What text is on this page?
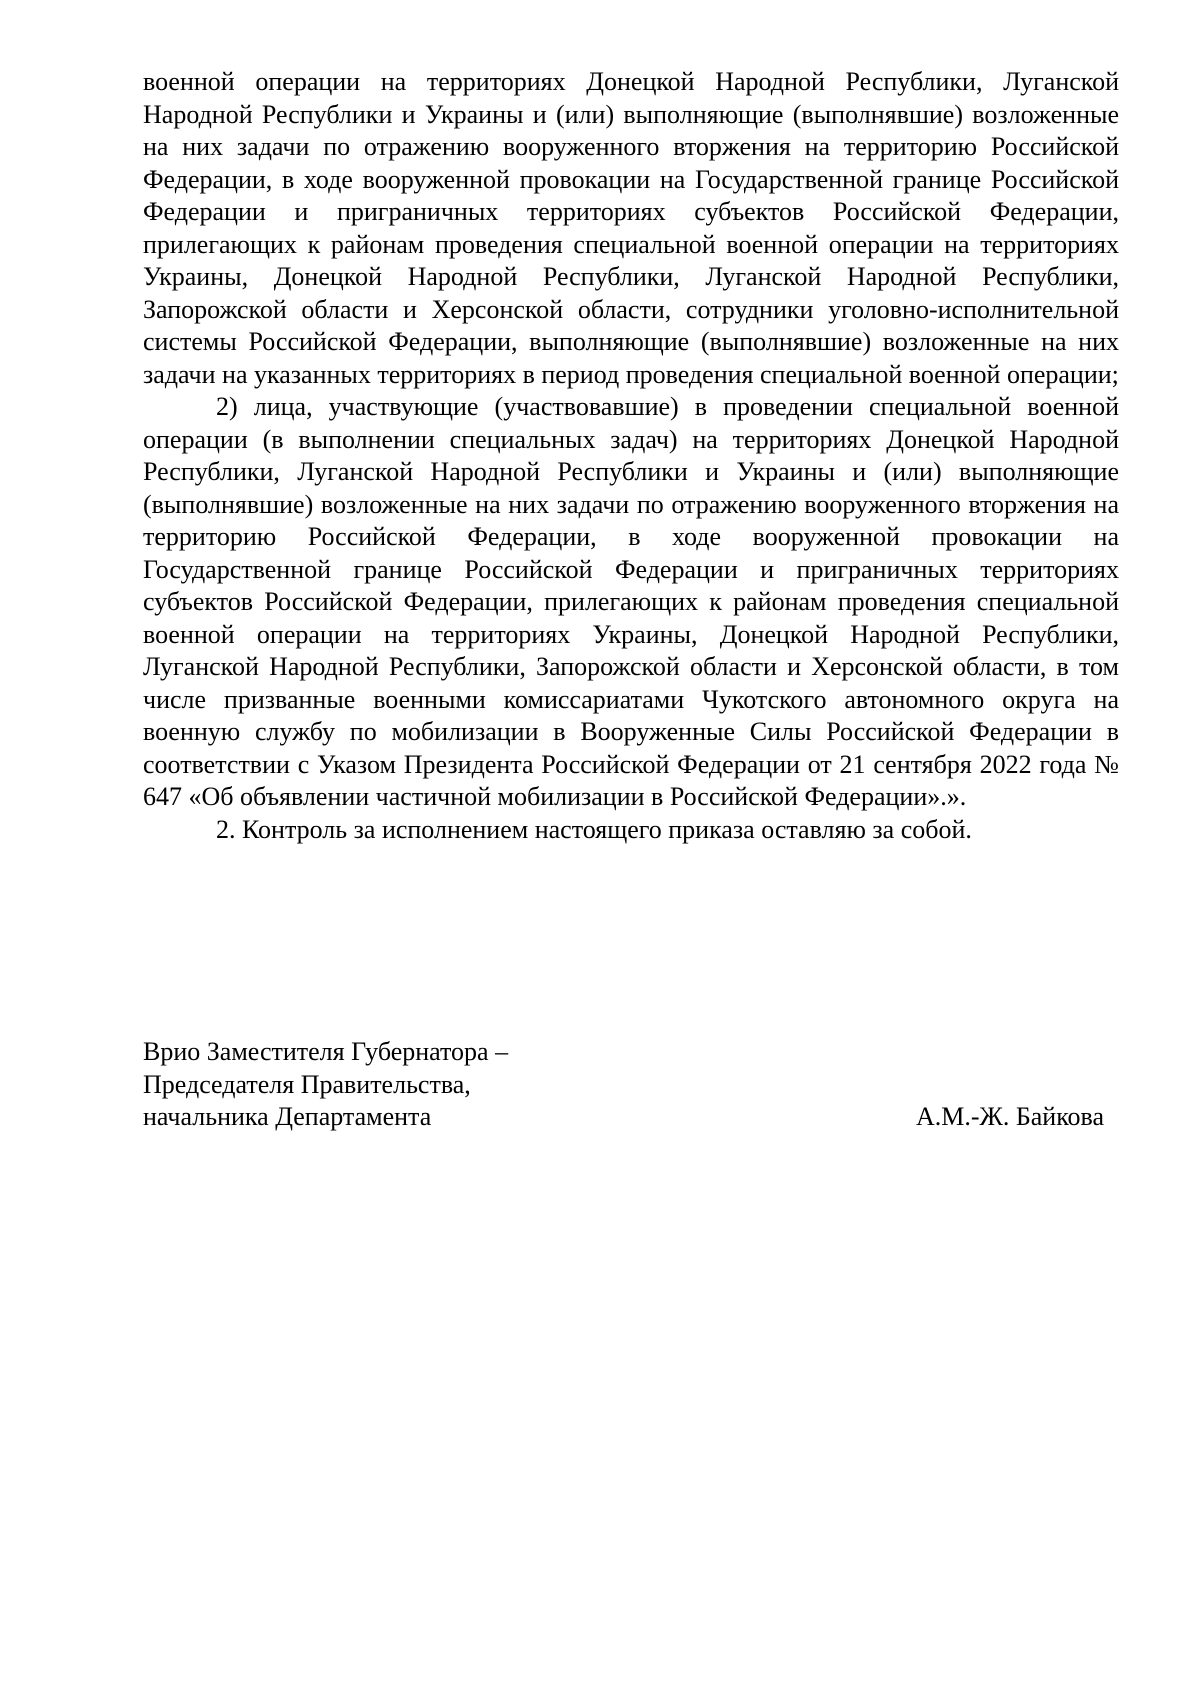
военной операции на территориях Донецкой Народной Республики, Луганской Народной Республики и Украины и (или) выполняющие (выполнявшие) возложенные на них задачи по отражению вооруженного вторжения на территорию Российской Федерации, в ходе вооруженной провокации на Государственной границе Российской Федерации и приграничных территориях субъектов Российской Федерации, прилегающих к районам проведения специальной военной операции на территориях Украины, Донецкой Народной Республики, Луганской Народной Республики, Запорожской области и Херсонской области, сотрудники уголовно-исполнительной системы Российской Федерации, выполняющие (выполнявшие) возложенные на них задачи на указанных территориях в период проведения специальной военной операции;

2) лица, участвующие (участвовавшие) в проведении специальной военной операции (в выполнении специальных задач) на территориях Донецкой Народной Республики, Луганской Народной Республики и Украины и (или) выполняющие (выполнявшие) возложенные на них задачи по отражению вооруженного вторжения на территорию Российской Федерации, в ходе вооруженной провокации на Государственной границе Российской Федерации и приграничных территориях субъектов Российской Федерации, прилегающих к районам проведения специальной военной операции на территориях Украины, Донецкой Народной Республики, Луганской Народной Республики, Запорожской области и Херсонской области, в том числе призванные военными комиссариатами Чукотского автономного округа на военную службу по мобилизации в Вооруженные Силы Российской Федерации в соответствии с Указом Президента Российской Федерации от 21 сентября 2022 года № 647 «Об объявлении частичной мобилизации в Российской Федерации».».

2. Контроль за исполнением настоящего приказа оставляю за собой.

Врио Заместителя Губернатора –
Председателя Правительства,
начальника Департамента	А.М.-Ж. Байкова
